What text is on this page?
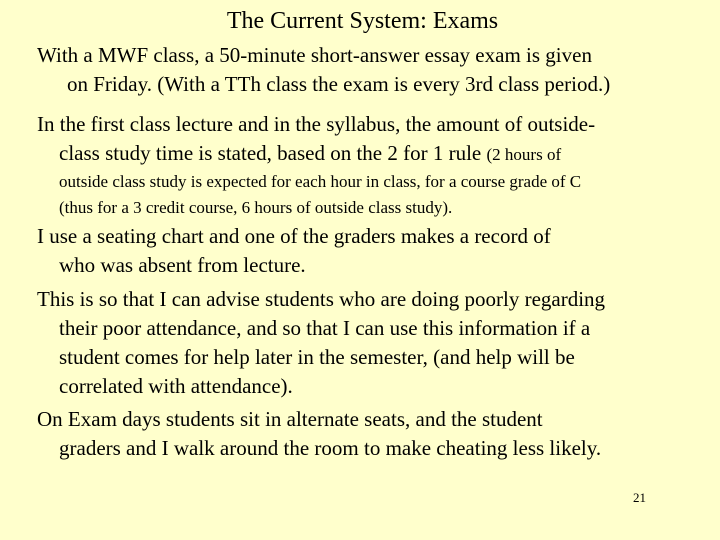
The Current System: Exams
With a MWF class, a 50-minute short-answer essay exam is given
on Friday. (With a TTh class the exam is every 3rd class period.)
In the first class lecture and in the syllabus, the amount of outside-
class study time is stated, based on the 2 for 1 rule (2 hours of
outside class study is expected for each hour in class, for a course grade of C
(thus for a 3 credit course, 6 hours of outside class study).
I use a seating chart and one of the graders makes a record of
who was absent from lecture.
This is so that I can advise students who are doing poorly regarding
their poor attendance, and so that I can use this information if a
student comes for help later in the semester, (and help will be
correlated with attendance).
On Exam days students sit in alternate seats, and the student
graders and I walk around the room to make cheating less likely.
21
